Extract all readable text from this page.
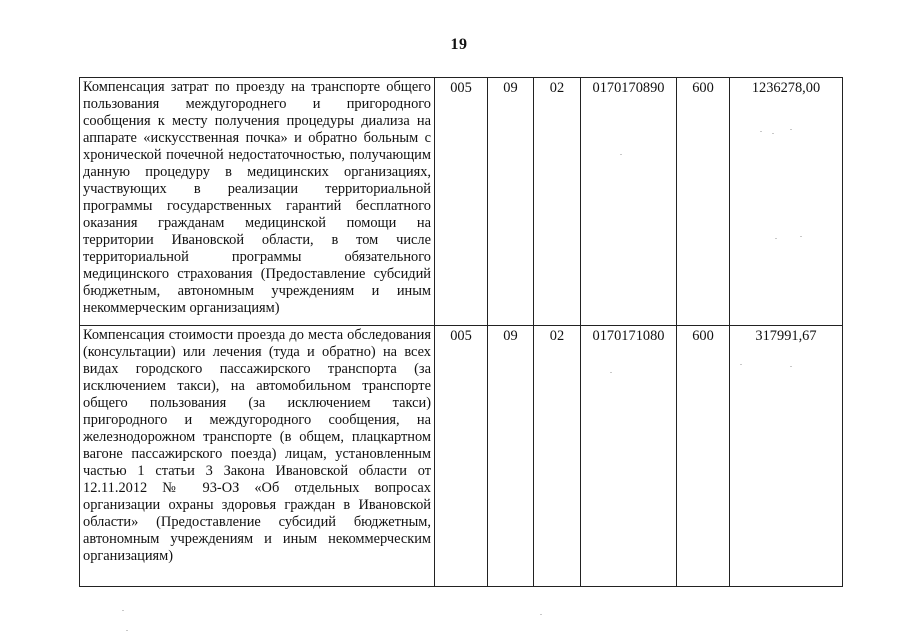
19
Компенсация затрат по проезду на транспорте общего пользования междугороднего и пригородного сообщения к месту получения процедуры диализа на аппарате «искусственная почка» и обратно больным с хронической почечной недостаточностью, получающим данную процедуру в медицинских организациях, участвующих в реализации территориальной программы государственных гарантий бесплатного оказания гражданам медицинской помощи на территории Ивановской области, в том числе территориальной программы обязательного медицинского страхования (Предоставление субсидий бюджетным, автономным учреждениям и иным некоммерческим организациям)	005	09	02	0170170890	600	1236278,00
Компенсация стоимости проезда до места обследования (консультации) или лечения (туда и обратно) на всех видах городского пассажирского транспорта (за исключением такси), на автомобильном транспорте общего пользования (за исключением такси) пригородного и междугородного сообщения, на железнодорожном транспорте (в общем, плацкартном вагоне пассажирского поезда) лицам, установленным частью 1 статьи 3 Закона Ивановской области от 12.11.2012 № 93-ОЗ «Об отдельных вопросах организации охраны здоровья граждан в Ивановской области» (Предоставление субсидий бюджетным, автономным учреждениям и иным некоммерческим организациям)	005	09	02	0170171080	600	317991,67
